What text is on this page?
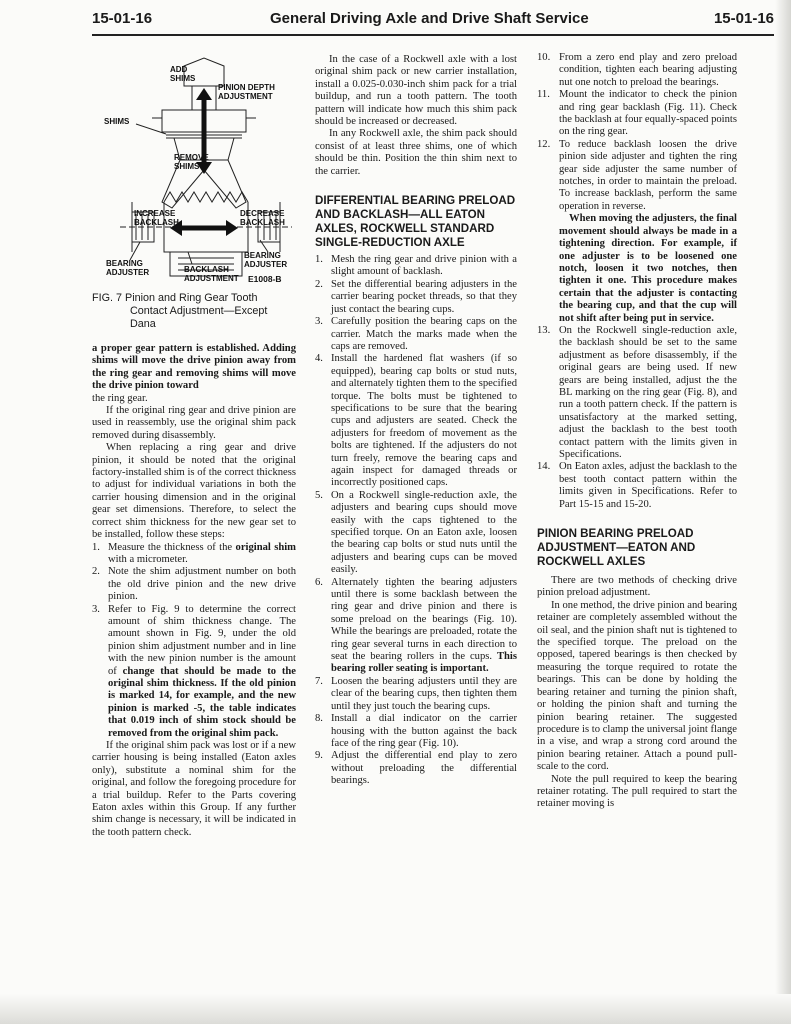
15-01-16	General Driving Axle and Drive Shaft Service	15-01-16
ADD SHIMS
PINION DEPTH ADJUSTMENT
SHIMS
REMOVE SHIMS
INCREASE BACKLASH
DECREASE BACKLASH
BEARING ADJUSTER
BEARING ADJUSTER	BACKLASH ADJUSTMENT E1008-B
FIG. 7 Pinion and Ring Gear Tooth
Contact Adjustment—Except
Dana

a proper gear pattern is established. Adding shims will move the drive pinion away from the ring gear and removing shims will move the drive pinion toward

the ring gear.

If the original ring gear and drive pinion are used in reassembly, use the original shim pack removed during disassembly.

When replacing a ring gear and drive pinion, it should be noted that the original factory-installed shim is of the correct thickness to adjust for individual variations in both the carrier housing dimension and in the original gear set dimensions. Therefore, to select the correct shim thickness for the new gear set to be installed, follow these steps:

1. Measure the thickness of the original shim with a micrometer.
2. Note the shim adjustment number on both the old drive pinion and the new drive pinion.
3. Refer to Fig. 9 to determine the correct amount of shim thickness change. The amount shown in Fig. 9, under the old pinion shim adjustment number and in line with the new pinion number is the amount of change that should be made to the original shim thickness. If the old pinion is marked 14, for example, and the new pinion is marked -5, the table indicates that 0.019 inch of shim stock should be removed from the original shim pack.

If the original shim pack was lost or if a new carrier housing is being installed (Eaton axles only), substitute a nominal shim for the original, and follow the foregoing procedure for a trial buildup. Refer to the Parts covering Eaton axles within this Group. If any further shim change is necessary, it will be indicated in the tooth pattern check.

In the case of a Rockwell axle with a lost original shim pack or new carrier installation, install a 0.025-0.030-inch shim pack for a trial buildup, and run a tooth pattern. The tooth pattern will indicate how much this shim pack should be increased or decreased.

In any Rockwell axle, the shim pack should consist of at least three shims, one of which should be thin. Position the thin shim next to the carrier.

DIFFERENTIAL BEARING PRELOAD AND BACKLASH—ALL EATON AXLES, ROCKWELL STANDARD SINGLE-REDUCTION AXLE
1. Mesh the ring gear and drive pinion with a slight amount of backlash.
2. Set the differential bearing adjusters in the carrier bearing pocket threads, so that they just contact the bearing cups.
3. Carefully position the bearing caps on the carrier. Match the marks made when the caps are removed.
4. Install the hardened flat washers (if so equipped), bearing cap bolts or stud nuts, and alternately tighten them to the specified torque. The bolts must be tightened to specifications to be sure that the bearing cups and adjusters are seated. Check the adjusters for freedom of movement as the bolts are tightened. If the adjusters do not turn freely, remove the bearing caps and again inspect for damaged threads or incorrectly positioned caps.
5. On a Rockwell single-reduction axle, the adjusters and bearing cups should move easily with the caps tightened to the specified torque. On an Eaton axle, loosen the bearing cap bolts or stud nuts until the adjusters and bearing cups can be moved easily.
6. Alternately tighten the bearing adjusters until there is some backlash between the ring gear and drive pinion and there is some preload on the bearings (Fig. 10). While the bearings are preloaded, rotate the ring gear several turns in each direction to seat the bearing rollers in the cups. This bearing roller seating is important.
7. Loosen the bearing adjusters until they are clear of the bearing cups, then tighten them until they just touch the bearing cups.
8. Install a dial indicator on the carrier housing with the button against the back face of the ring gear (Fig. 10).
9. Adjust the differential end play to zero without preloading the differential bearings.
10. From a zero end play and zero preload condition, tighten each bearing adjusting nut one notch to preload the bearings.
11. Mount the indicator to check the pinion and ring gear backlash (Fig. 11). Check the backlash at four equally-spaced points on the ring gear.
12. To reduce backlash loosen the drive pinion side adjuster and tighten the ring gear side adjuster the same number of notches, in order to maintain the preload. To increase backlash, perform the same operation in reverse.

When moving the adjusters, the final movement should always be made in a tightening direction. For example, if one adjuster is to be loosened one notch, loosen it two notches, then tighten it one. This procedure makes certain that the adjuster is contacting the bearing cup, and that the cup will not shift after being put in service.

13. On the Rockwell single-reduction axle, the backlash should be set to the same adjustment as before disassembly, if the original gears are being used. If new gears are being installed, adjust the the BL marking on the ring gear (Fig. 8), and run a tooth pattern check. If the pattern is unsatisfactory at the marked setting, adjust the backlash to the best tooth contact pattern with the limits given in Specifications.
14. On Eaton axles, adjust the backlash to the best tooth contact pattern within the limits given in Specifications. Refer to Part 15-15 and 15-20.
PINION BEARING PRELOAD ADJUSTMENT—EATON AND ROCKWELL AXLES

There are two methods of checking drive pinion preload adjustment.

In one method, the drive pinion and bearing retainer are completely assembled without the oil seal, and the pinion shaft nut is tightened to the specified torque. The preload on the opposed, tapered bearings is then checked by measuring the torque required to rotate the bearings. This can be done by holding the bearing retainer and turning the pinion shaft, or holding the pinion shaft and turning the pinion bearing retainer. The suggested procedure is to clamp the universal joint flange in a vise, and wrap a strong cord around the pinion bearing retainer. Attach a pound pull-scale to the cord.

Note the pull required to keep the bearing retainer rotating. The pull required to start the retainer moving is
